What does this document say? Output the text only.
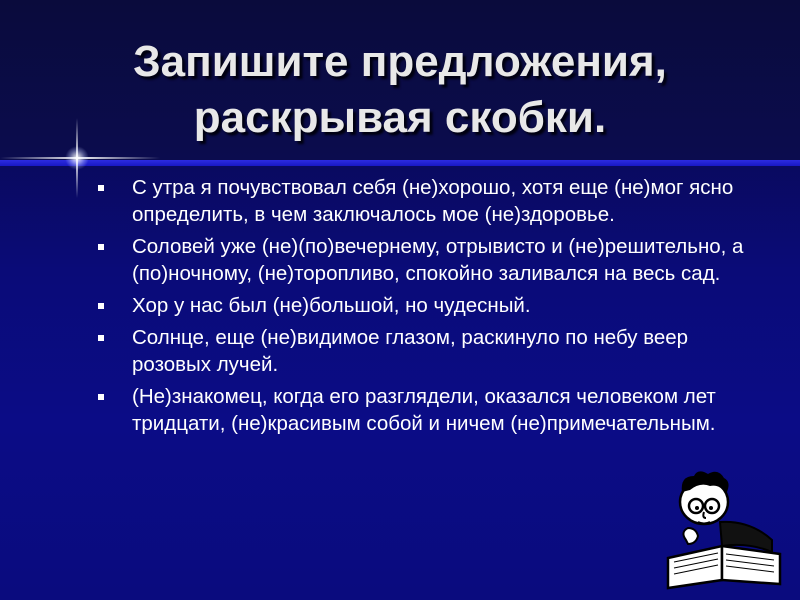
Запишите предложения, раскрывая скобки.
С утра я почувствовал себя (не)хорошо, хотя еще (не)мог ясно определить, в чем заключалось мое (не)здоровье.
Соловей уже (не)(по)вечернему, отрывисто и (не)решительно, а (по)ночному, (не)торопливо, спокойно заливался на весь сад.
Хор у нас был (не)большой, но чудесный.
Солнце, еще (не)видимое глазом, раскинуло по небу веер розовых лучей.
(Не)знакомец, когда его разглядели, оказался человеком лет тридцати, (не)красивым собой и ничем (не)примечательным.
